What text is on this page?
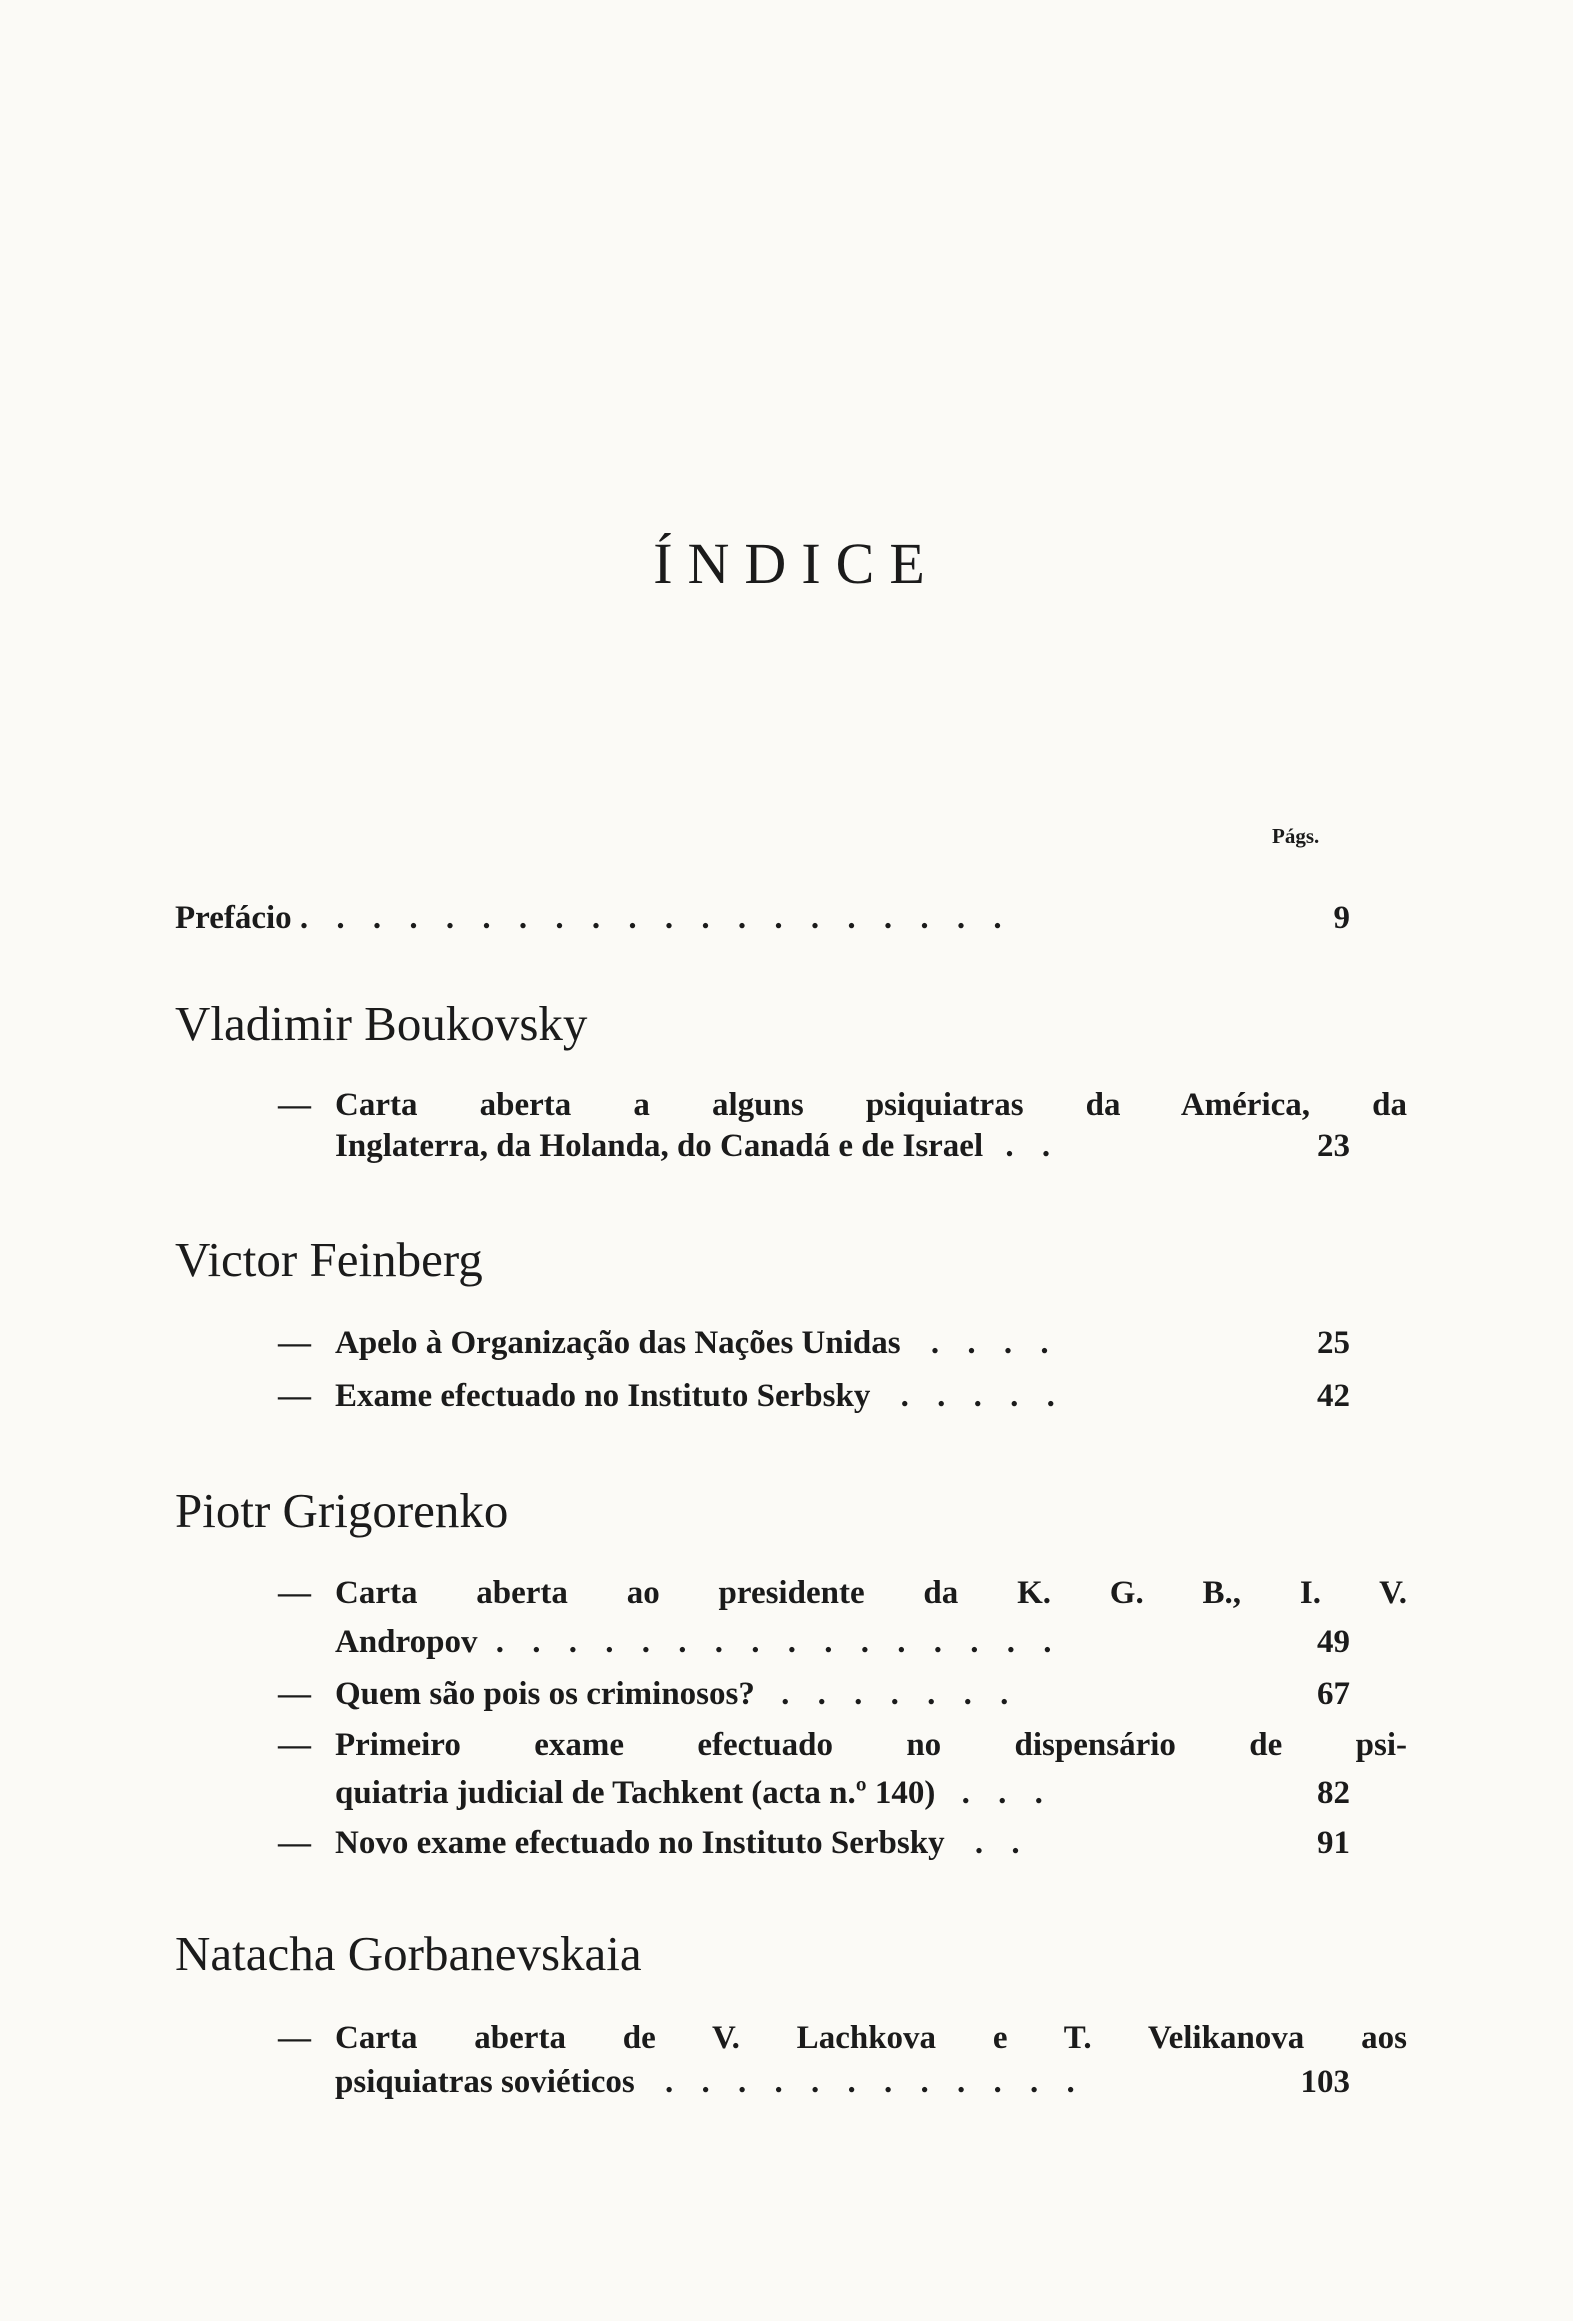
ÍNDICE
Págs.
Prefácio . . . . . . . . . . . . . . . . . . . .	9
Vladimir Boukovsky
— Carta aberta a alguns psiquiatras da América, da
Inglaterra, da Holanda, do Canadá e de Israel . .	23
Victor Feinberg
— Apelo à Organização das Nações Unidas . . . .	25
— Exame efectuado no Instituto Serbsky . . . . .	42
Piotr Grigorenko
— Carta aberta ao presidente da K. G. B., I. V.
Andropov . . . . . . . . . . . . . . . .	49
— Quem são pois os criminosos? . . . . . . .	67
— Primeiro exame efectuado no dispensário de psi-
quiatria judicial de Tachkent (acta n.º 140) . . .	82
— Novo exame efectuado no Instituto Serbsky . .	91
Natacha Gorbanevskaia
— Carta aberta de V. Lachkova e T. Velikanova aos
psiquiatras soviéticos . . . . . . . . . . . .	103
